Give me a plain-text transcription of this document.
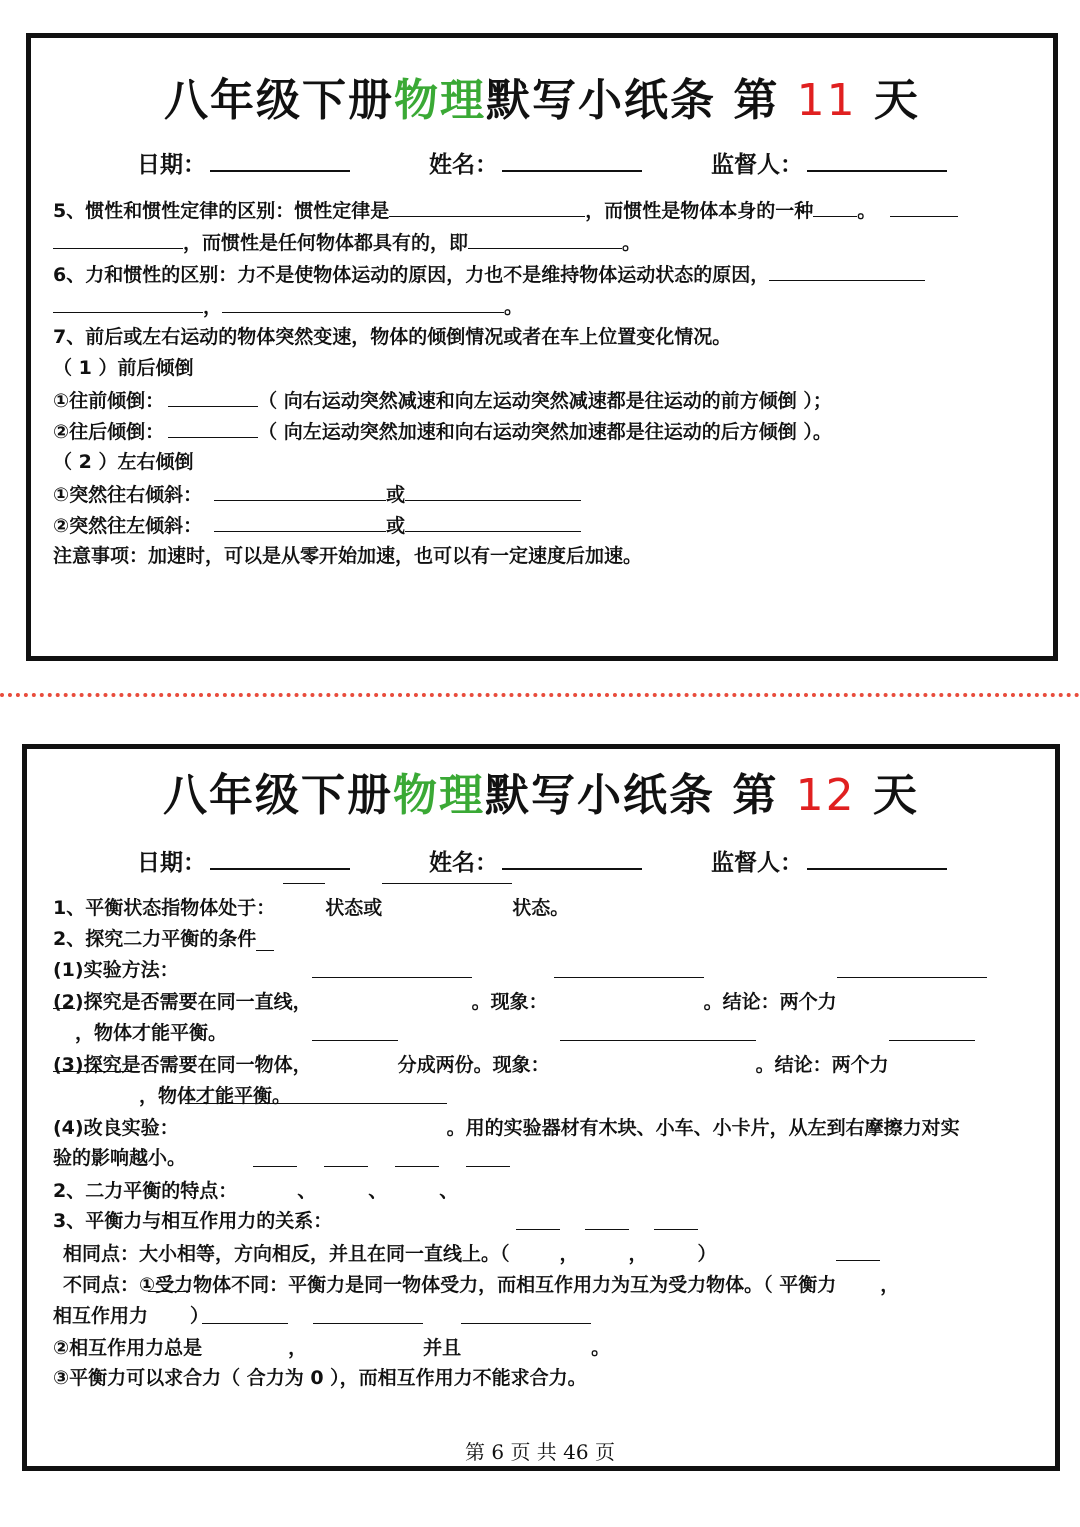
八年级下册物理默写小纸条 第 11 天
日期：	姓名：	监督人：
5、惯性和惯性定律的区别：惯性定律是	，而惯性是物体本身的一种 。
，而惯性是任何物体都具有的，即	。
6、力和惯性的区别：力不是使物体运动的原因，力也不是维持物体运动状态的原因，
，	。
7、前后或左右运动的物体突然变速，物体的倾倒情况或者在车上位置变化情况。
（ 1 ）前后倾倒
①往前倾倒：	（ 向右运动突然减速和向左运动突然减速都是往运动的前方倾倒 ）；
②往后倾倒：	（ 向左运动突然加速和向右运动突然加速都是往运动的后方倾倒 ）。
（ 2 ）左右倾倒
①突然往右倾斜：	或
②突然往左倾斜：	或
注意事项：加速时，可以是从零开始加速，也可以有一定速度后加速。
八年级下册物理默写小纸条 第 12 天
日期：	姓名：	监督人：
1、平衡状态指物体处于：	状态或	状态。
2、探究二力平衡的条件
(1)实验方法：
(2)探究是否需要在同一直线，	。现象：	。结论：两个力
，物体才能平衡。
(3)探究是否需要在同一物体，	分成两份。现象：	。结论：两个力
，物体才能平衡。
(4)改良实验：	。用的实验器材有木块、小车、小卡片，从左到右摩擦力对实
验的影响越小。
2、二力平衡的特点：	、	、	、
3、平衡力与相互作用力的关系：
相同点：大小相等，方向相反，并且在同一直线上。（	，	，	）
不同点：①受力物体不同：平衡力是同一物体受力，而相互作用力为互为受力物体。（ 平衡力 ，
相互作用力 ）
②相互作用力总是	，	并且	。
③平衡力可以求合力（ 合力为 0 ），而相互作用力不能求合力。
第 6 页 共 46 页
